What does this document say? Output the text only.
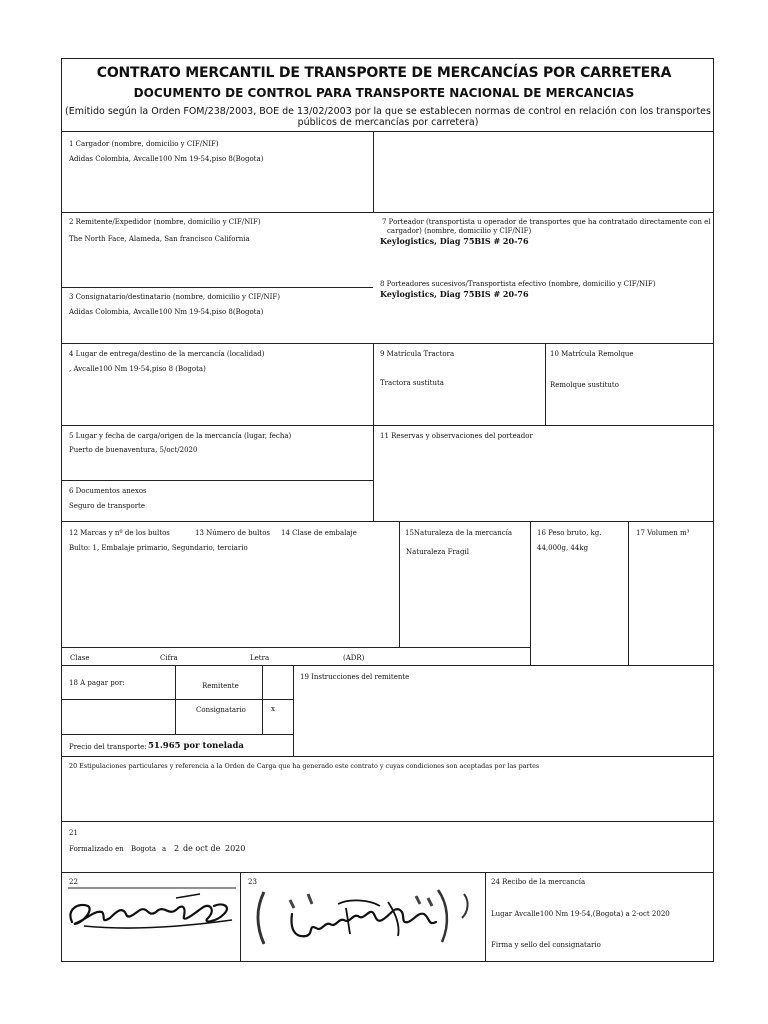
CONTRATO MERCANTIL DE TRANSPORTE DE MERCANCÍAS POR CARRETERA
DOCUMENTO DE CONTROL PARA TRANSPORTE NACIONAL DE MERCANCIAS
(Emitido según la Orden FOM/238/2003, BOE de 13/02/2003 por la que se establecen normas de control en relación con los transportes públicos de mercancías por carretera)
1 Cargador (nombre, domicilio y CIF/NIF)
Adidas Colombia, Avcalle100 Nm 19-54,piso 8(Bogota)
2 Remitente/Expedidor (nombre, domicilio y CIF/NIF)
The North Face, Alameda, San francisco California
7 Porteador (transportista u operador de transportes que ha contratado directamente con el
cargador) (nombre, domicilio y CIF/NIF)
Keylogistics, Diag 75BIS # 20-76
8 Porteadores sucesivos/Transportista efectivo (nombre, domicilio y CIF/NIF)
Keylogistics, Diag 75BIS # 20-76
3 Consignatario/destinatario (nombre, domicilio y CIF/NIF)
Adidas Colombia, Avcalle100 Nm 19-54,piso 8(Bogota)
4 Lugar de entrega/destino de la mercancía (localidad)
, Avcalle100 Nm 19-54,piso 8 (Bogota)
9 Matrícula Tractora
Tractora sustituta
10 Matrícula Remolque
Remolque sustituto
5 Lugar y fecha de carga/origen de la mercancía (lugar, fecha)
Puerto de buenaventura, 5/oct/2020
11 Reservas y observaciones del porteador
6 Documentos anexos
Seguro de transporte
12 Marcas y nº de los bultos	13 Número de bultos 14 Clase de embalaje
Bulto: 1, Embalaje primario, Segundario, terciario
15Naturaleza de la mercancía
Naturaleza Fragil
16 Peso bruto, kg.
44,000g, 44kg
17 Volumen m³
Clase	Cifra	Letra	(ADR)
18 A pagar por:	Remitente
Consignatario	x
19 Instrucciones del remitente
Precio del transporte: 51.965 por tonelada
20 Estipulaciones particulares y referencia a la Orden de Carga que ha generado este contrato y cuyas condiciones son aceptadas por las partes
21
Formalizado en Bogota a 2 de oct de 2020
22	23	24 Recibo de la mercancía
Lugar Avcalle100 Nm 19-54,(Bogota) a 2-oct 2020
Firma y sello del consignatario
